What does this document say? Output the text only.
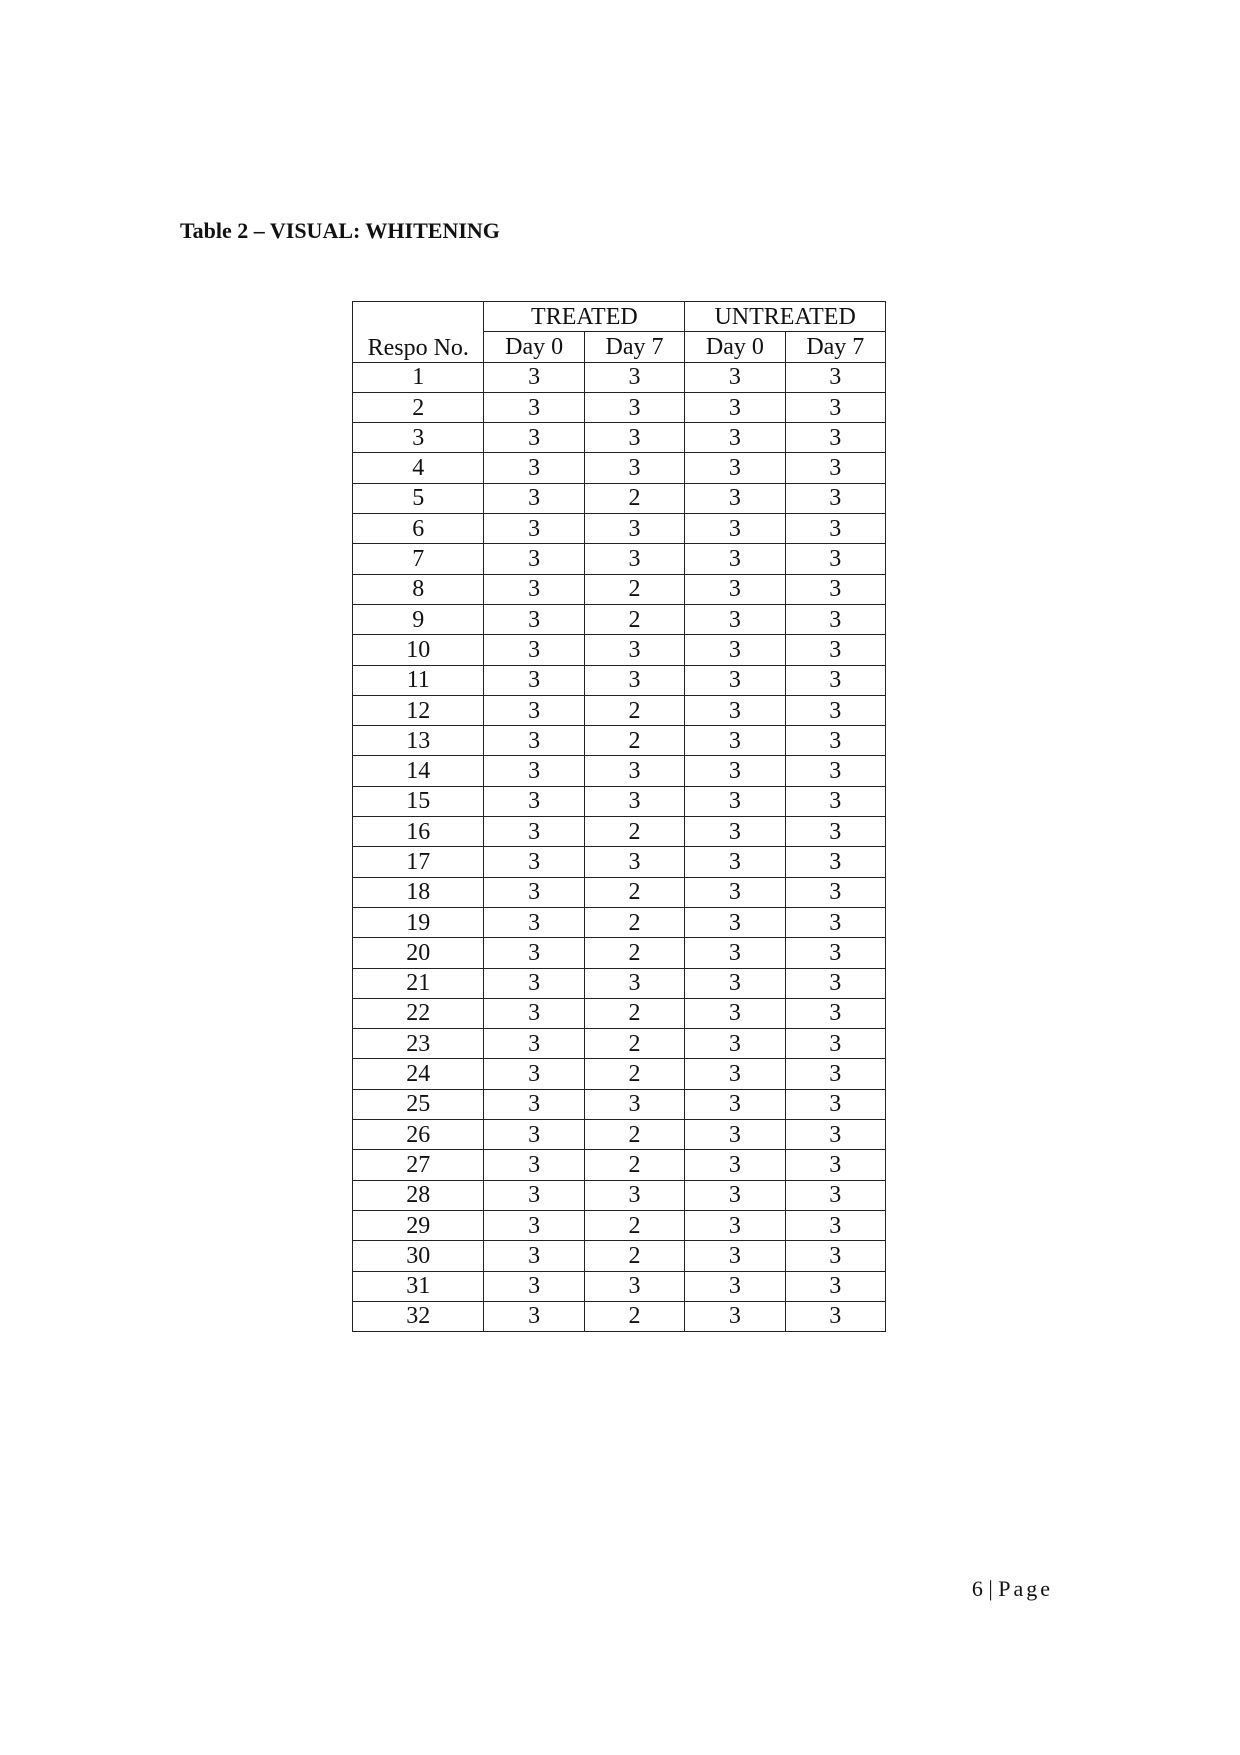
Table 2 – VISUAL: WHITENING
Respo No.	TREATED		UNTREATED	
	Day 0	Day 7	Day 0	Day 7
1	3	3	3	3
2	3	3	3	3
3	3	3	3	3
4	3	3	3	3
5	3	2	3	3
6	3	3	3	3
7	3	3	3	3
8	3	2	3	3
9	3	2	3	3
10	3	3	3	3
11	3	3	3	3
12	3	2	3	3
13	3	2	3	3
14	3	3	3	3
15	3	3	3	3
16	3	2	3	3
17	3	3	3	3
18	3	2	3	3
19	3	2	3	3
20	3	2	3	3
21	3	3	3	3
22	3	2	3	3
23	3	2	3	3
24	3	2	3	3
25	3	3	3	3
26	3	2	3	3
27	3	2	3	3
28	3	3	3	3
29	3	2	3	3
30	3	2	3	3
31	3	3	3	3
32	3	2	3	3
6 | Page
